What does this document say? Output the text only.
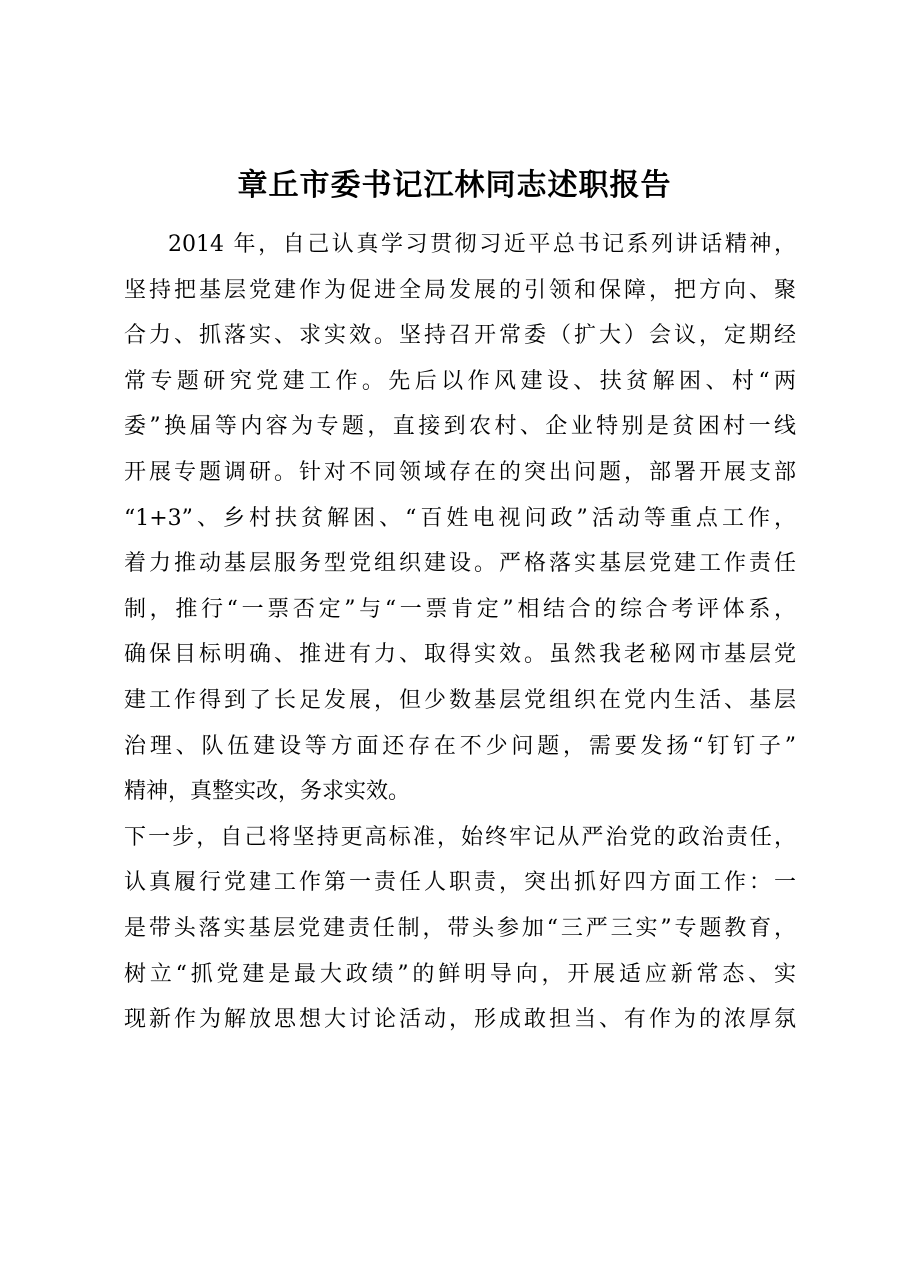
章丘市委书记江林同志述职报告
2014 年，自己认真学习贯彻习近平总书记系列讲话精神，
坚持把基层党建作为促进全局发展的引领和保障，把方向、聚
合力、抓落实、求实效。坚持召开常委（扩大）会议，定期经
常专题研究党建工作。先后以作风建设、扶贫解困、村“两
委”换届等内容为专题，直接到农村、企业特别是贫困村一线
开展专题调研。针对不同领域存在的突出问题，部署开展支部
“1+3”、乡村扶贫解困、“百姓电视问政”活动等重点工作，
着力推动基层服务型党组织建设。严格落实基层党建工作责任
制，推行“一票否定”与“一票肯定”相结合的综合考评体系，
确保目标明确、推进有力、取得实效。虽然我老秘网市基层党
建工作得到了长足发展，但少数基层党组织在党内生活、基层
治理、队伍建设等方面还存在不少问题，需要发扬“钉钉子”
精神，真整实改，务求实效。
下一步，自己将坚持更高标准，始终牢记从严治党的政治责任，
认真履行党建工作第一责任人职责，突出抓好四方面工作：一
是带头落实基层党建责任制，带头参加“三严三实”专题教育，
树立“抓党建是最大政绩”的鲜明导向，开展适应新常态、实
现新作为解放思想大讨论活动，形成敢担当、有作为的浓厚氛
